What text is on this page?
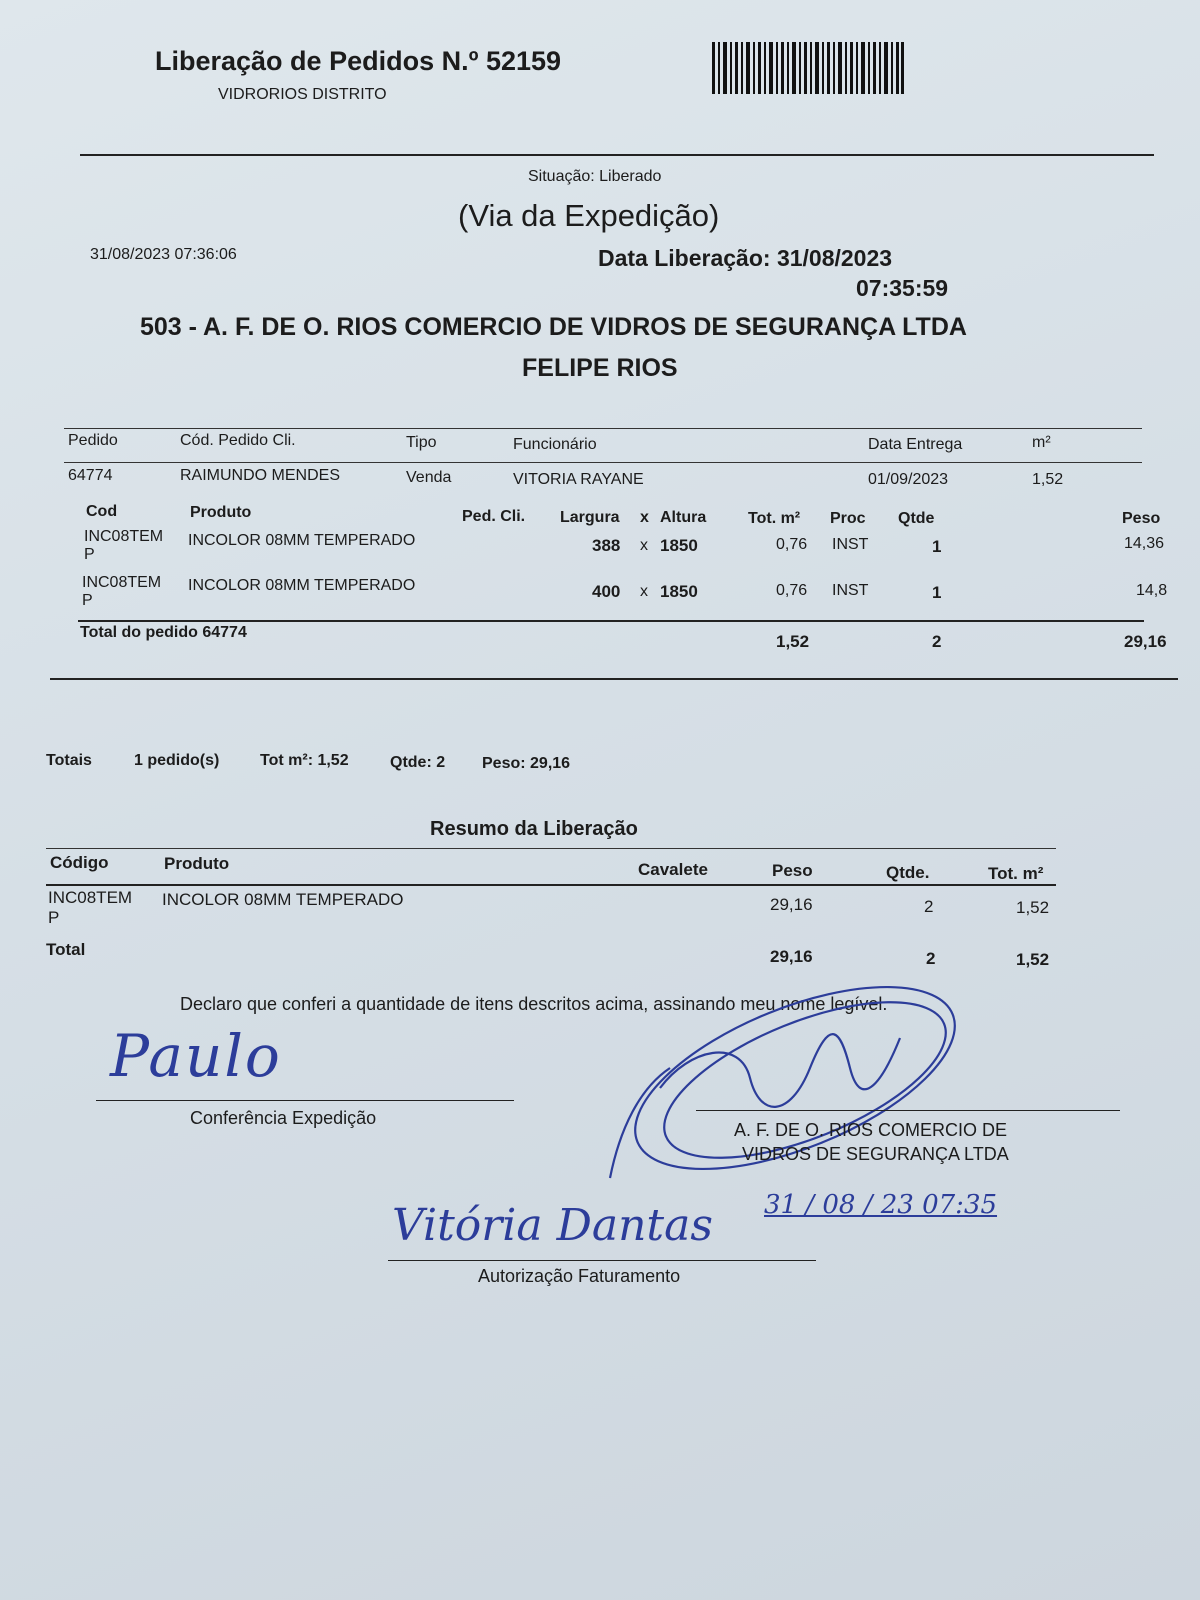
Liberação de Pedidos N.º 52159
VIDRORIOS DISTRITO
Situação: Liberado
(Via da Expedição)
31/08/2023 07:36:06	Data Liberação: 31/08/2023
07:35:59
503 - A. F. DE O. RIOS COMERCIO DE VIDROS DE SEGURANÇA LTDA
FELIPE RIOS
Pedido	Cód. Pedido Cli.	Tipo	Funcionário	Data Entrega	m²
64774	RAIMUNDO MENDES	Venda	VITORIA RAYANE	01/09/2023	1,52
Cod	Produto	Ped. Cli. Largura x Altura	Tot. m² Proc Qtde	Peso
INC08TEM
P
INCOLOR 08MM TEMPERADO	388 x 1850	0,76 INST	1	14,36
INC08TEM
P
INCOLOR 08MM TEMPERADO	400 x 1850	0,76 INST	1	14,8
Total do pedido 64774	1,52	2	29,16
Totais	1 pedido(s)	Tot m²: 1,52	Qtde: 2 Peso: 29,16
Resumo da Liberação
Código	Produto	Cavalete	Peso	Qtde.	Tot. m²
INC08TEM
P
INCOLOR 08MM TEMPERADO	29,16	2	1,52
Total	29,16	2	1,52
Declaro que conferi a quantidade de itens descritos acima, assinando meu nome legível.
Paulo
Conferência Expedição
A. F. DE O. RIOS COMERCIO DE
VIDROS DE SEGURANÇA LTDA
31 / 08 / 23 07:35
Vitória Dantas
Autorização Faturamento
